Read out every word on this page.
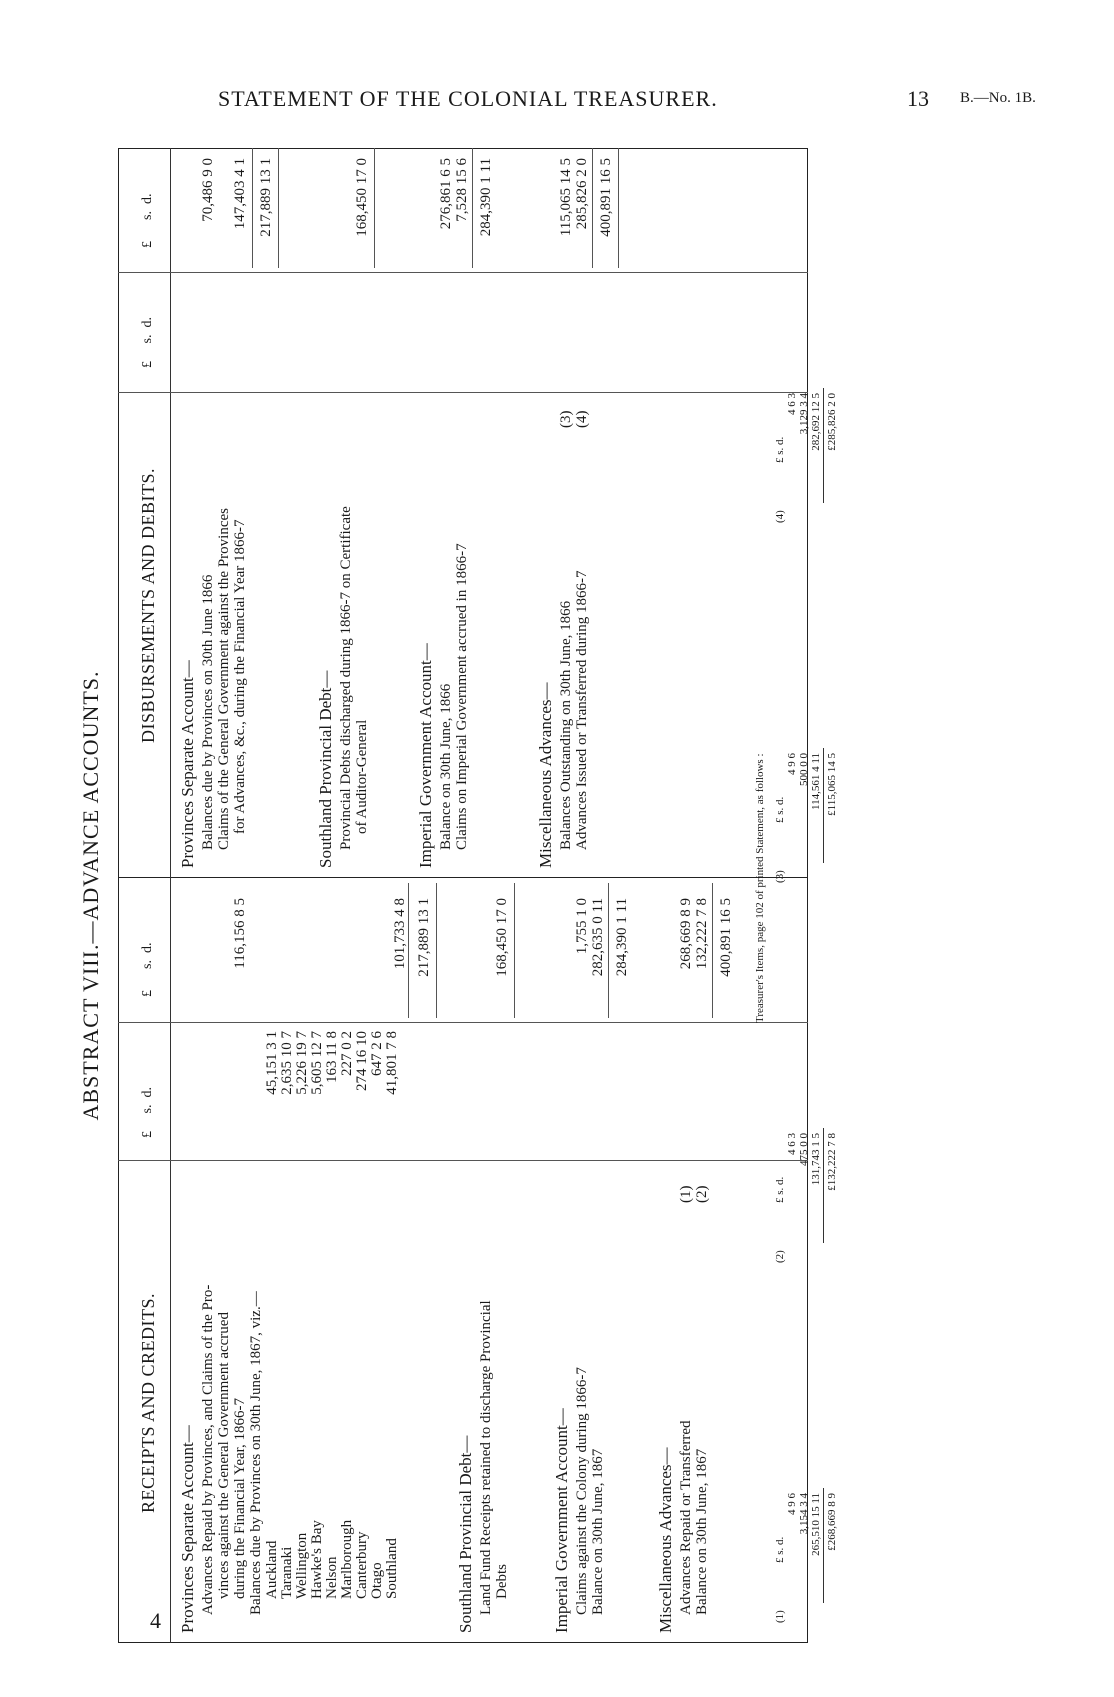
STATEMENT OF THE COLONIAL TREASURER.	13 B.—No. 1B.
4
ABSTRACT VIII.—ADVANCE ACCOUNTS.
RECEIPTS AND CREDITS.
£     s.  d.
£      s.  d.
Provinces Separate Account— Advances Repaid by Provinces, and Claims of the Pro- vinces against the General Government accrued during the Financial Year, 1866-7 Balances due by Provinces on 30th June, 1867, viz.—
116,156 8 5
Auckland
45,151 3 1
Taranaki
2,635 10 7
Wellington
5,226 19 7
Hawke's Bay
5,605 12 7
Nelson
163 11 8
Marlborough
227 0 2
Canterbury
274 16 10
Otago
647 2 6
Southland
41,801 7 8
101,733 4 8 217,889 13 1
Southland Provincial Debt— Land Fund Receipts retained to discharge Provincial Debts
168,450 17 0
Imperial Government Account— Claims against the Colony during 1866-7 Balance on 30th June, 1867
1,755 1 0 282,635 0 11 284,390 1 11
Miscellaneous Advances— Advances Repaid or Transferred Balance on 30th June, 1867
(1) (2)
268,669 8 9 132,222 7 8 400,891 16 5
DISBURSEMENTS AND DEBITS.
£     s.  d.
£      s.  d.
Provinces Separate Account— Balances due by Provinces on 30th June 1866 Claims of the General Government against the Provinces for Advances, &c., during the Financial Year 1866-7
70,486 9 0 147,403 4 1 217,889 13 1
Southland Provincial Debt— Provincial Debts discharged during 1866-7 on Certificate of Auditor-General
168,450 17 0
Imperial Government Account— Balance on 30th June, 1866 Claims on Imperial Government accrued in 1866-7
276,861 6 5 7,528 15 6 284,390 1 11
Miscellaneous Advances— Balances Outstanding on 30th June, 1866 Advances Issued or Transferred during 1866-7
(3) (4)
115,065 14 5 285,826 2 0 400,891 16 5
Treasurer's Items, page 102 of printed Statement, as follows :
(1)
£ s. d.
4 9 6 3,154 3 4 265,510 15 11 £268,669 8 9
(2)
£ s. d.
4 6 3 475 0 0 131,743 1 5 £132,222 7 8
(3)
£ s. d.
4 9 6 500 0 0 114,561 4 11 £115,065 14 5
(4)
£ s. d.
4 6 3 3,129 3 4 282,692 12 5 £285,826 2 0
